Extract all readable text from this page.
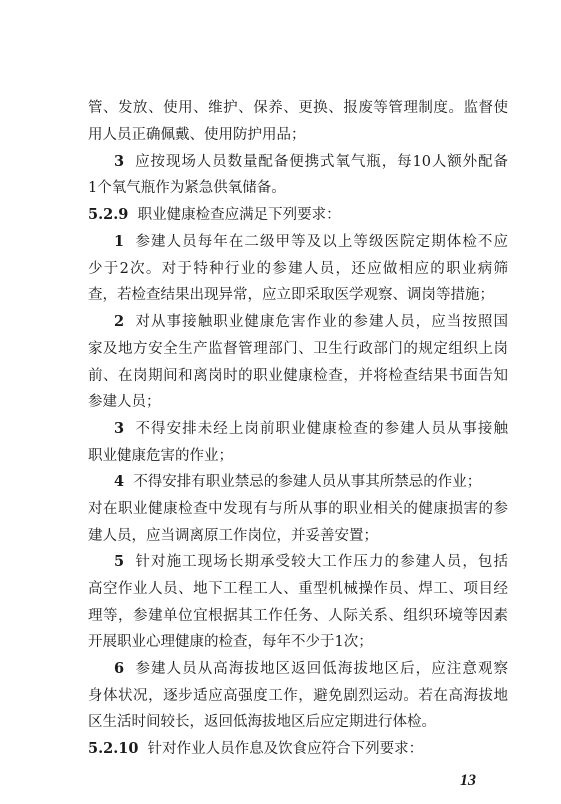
管、发放、使用、维护、保养、更换、报废等管理制度。监督使
用人员正确佩戴、使用防护用品；
3 应按现场人员数量配备便携式氧气瓶，每10人额外配备
1个氧气瓶作为紧急供氧储备。
5.2.9 职业健康检查应满足下列要求：
1 参建人员每年在二级甲等及以上等级医院定期体检不应
少于2次。对于特种行业的参建人员，还应做相应的职业病筛
查，若检查结果出现异常，应立即采取医学观察、调岗等措施；
2 对从事接触职业健康危害作业的参建人员，应当按照国
家及地方安全生产监督管理部门、卫生行政部门的规定组织上岗
前、在岗期间和离岗时的职业健康检查，并将检查结果书面告知
参建人员；
3 不得安排未经上岗前职业健康检查的参建人员从事接触
职业健康危害的作业；
4 不得安排有职业禁忌的参建人员从事其所禁忌的作业；
对在职业健康检查中发现有与所从事的职业相关的健康损害的参
建人员，应当调离原工作岗位，并妥善安置；
5 针对施工现场长期承受较大工作压力的参建人员，包括
高空作业人员、地下工程工人、重型机械操作员、焊工、项目经
理等，参建单位宜根据其工作任务、人际关系、组织环境等因素
开展职业心理健康的检查，每年不少于1次；
6 参建人员从高海拔地区返回低海拔地区后，应注意观察
身体状况，逐步适应高强度工作，避免剧烈运动。若在高海拔地
区生活时间较长，返回低海拔地区后应定期进行体检。
5.2.10 针对作业人员作息及饮食应符合下列要求：
13
